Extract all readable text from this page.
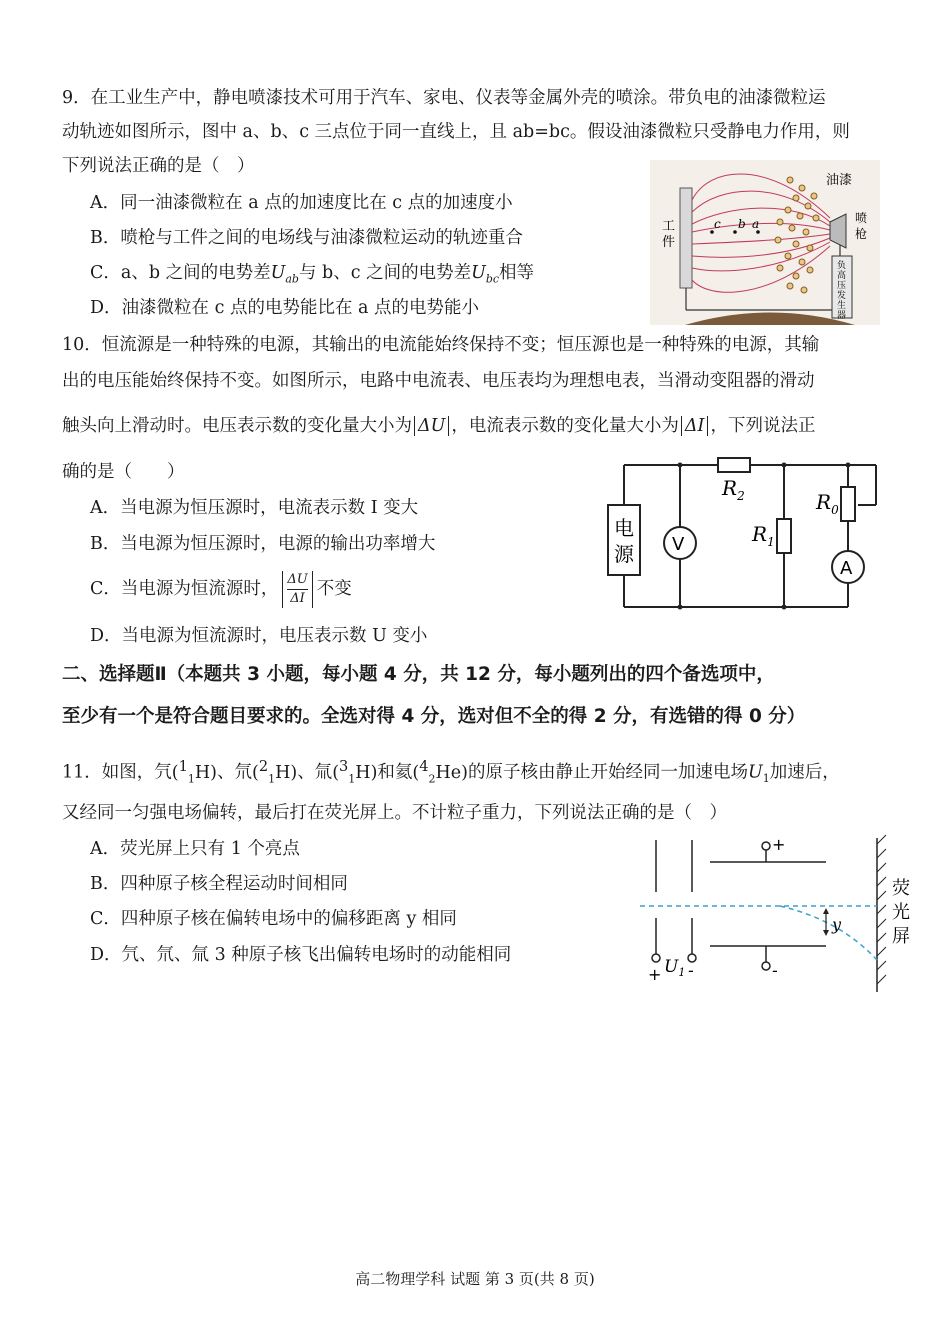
9．在工业生产中，静电喷漆技术可用于汽车、家电、仪表等金属外壳的喷涂。带负电的油漆微粒运
动轨迹如图所示，图中 a、b、c 三点位于同一直线上，且 ab=bc。假设油漆微粒只受静电力作用，则
下列说法正确的是（　）
A．同一油漆微粒在 a 点的加速度比在 c 点的加速度小
B．喷枪与工件之间的电场线与油漆微粒运动的轨迹重合
C．a、b 之间的电势差$U_{ab}$与 b、c 之间的电势差$U_{bc}$相等
D．油漆微粒在 c 点的电势能比在 a 点的电势能小
c b a
油漆
喷
枪
工
件
负
高
压
发
生
器
10．恒流源是一种特殊的电源，其输出的电流能始终保持不变；恒压源也是一种特殊的电源，其输
出的电压能始终保持不变。如图所示，电路中电流表、电压表均为理想电表，当滑动变阻器的滑动
触头向上滑动时。电压表示数的变化量大小为 ΔU ，电流表示数的变化量大小为 ΔI ，下列说法正
确的是（　　）
A．当电源为恒压源时，电流表示数 I 变大
B．当电源为恒压源时，电源的输出功率增大
C．当电源为恒流源时， $\frac{\Delta U}{\Delta I}$ 不变
D．当电源为恒流源时，电压表示数 U 变小
电
源 V
$R_2$
$R_1$
$R_0$
A
二、选择题Ⅱ（本题共 3 小题，每小题 4 分，共 12 分，每小题列出的四个备选项中，
至少有一个是符合题目要求的。全选对得 4 分，选对但不全的得 2 分，有选错的得 0 分）
11．如图，氕($^1_1$H)、氘($^2_1$H)、氚($^3_1$H)和氦($^4_2$He)的原子核由静止开始经同一加速电场$U_1$加速后，
又经同一匀强电场偏转，最后打在荧光屏上。不计粒子重力，下列说法正确的是（　）
A．荧光屏上只有 1 个亮点
B．四种原子核全程运动时间相同
C．四种原子核在偏转电场中的偏移距离 y 相同
D．氕、氘、氚 3 种原子核飞出偏转电场时的动能相同
+
-
+ -
$U_1$
y
荧
光
屏
高二物理学科 试题 第 3 页(共 8 页)
